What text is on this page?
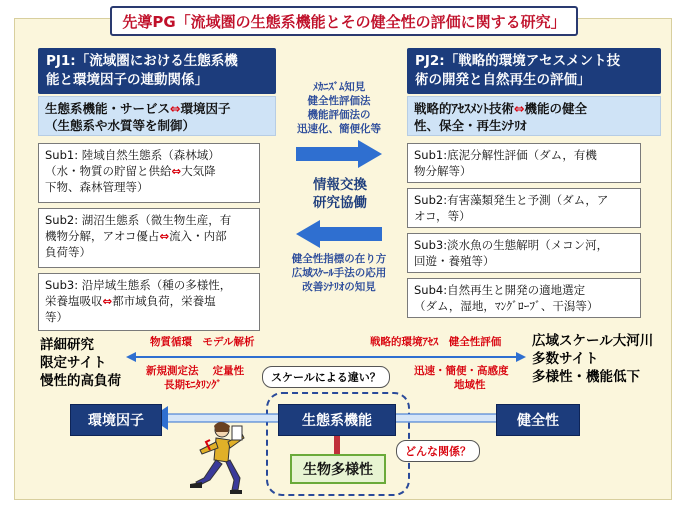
先導PG「流域圏の生態系機能とその健全性の評価に関する研究」
PJ1:「流域圏における生態系機
能と環境因子の連動関係」
生態系機能・サービス⇔環境因子
（生態系や水質等を制御）
Sub1: 陸域自然生態系（森林域）
（水・物質の貯留と供給⇔大気降
下物、森林管理等）
Sub2: 湖沼生態系（微生物生産，有
機物分解，アオコ優占⇔流入・内部
負荷等）
Sub3: 沿岸域生態系（種の多様性，
栄養塩吸収⇔都市域負荷，栄養塩
等）
ﾒｶﾆｽﾞﾑ知見
健全性評価法
機能評価法の
迅速化、簡便化等
情報交換
研究協働
健全性指標の在り方
広域ｽｹｰﾙ手法の応用
改善ｼﾅﾘｵの知見
PJ2:「戦略的環境アセスメント技
術の開発と自然再生の評価」
戦略的ｱｾｽﾒﾝﾄ技術⇔機能の健全
性、保全・再生ｼﾅﾘｵ
Sub1:底泥分解性評価（ダム，有機
物分解等）
Sub2:有害藻類発生と予測（ダム，ア
オコ，等）
Sub3:淡水魚の生態解明（メコン河，
回遊・養殖等）
Sub4:自然再生と開発の適地選定
（ダム，湿地，ﾏﾝｸﾞﾛｰﾌﾞ、干潟等）
詳細研究
限定サイト
慢性的高負荷
広域スケール大河川
多数サイト
多様性・機能低下
物質循環　モデル解析	戦略的環境ｱｾｽ　健全性評価
新規測定法　 定量性
長期ﾓﾆﾀﾘﾝｸﾞ
迅速・簡便・高感度
地域性
スケールによる違い？
環境因子	生態系機能	健全性
生物多様性
どんな関係？
